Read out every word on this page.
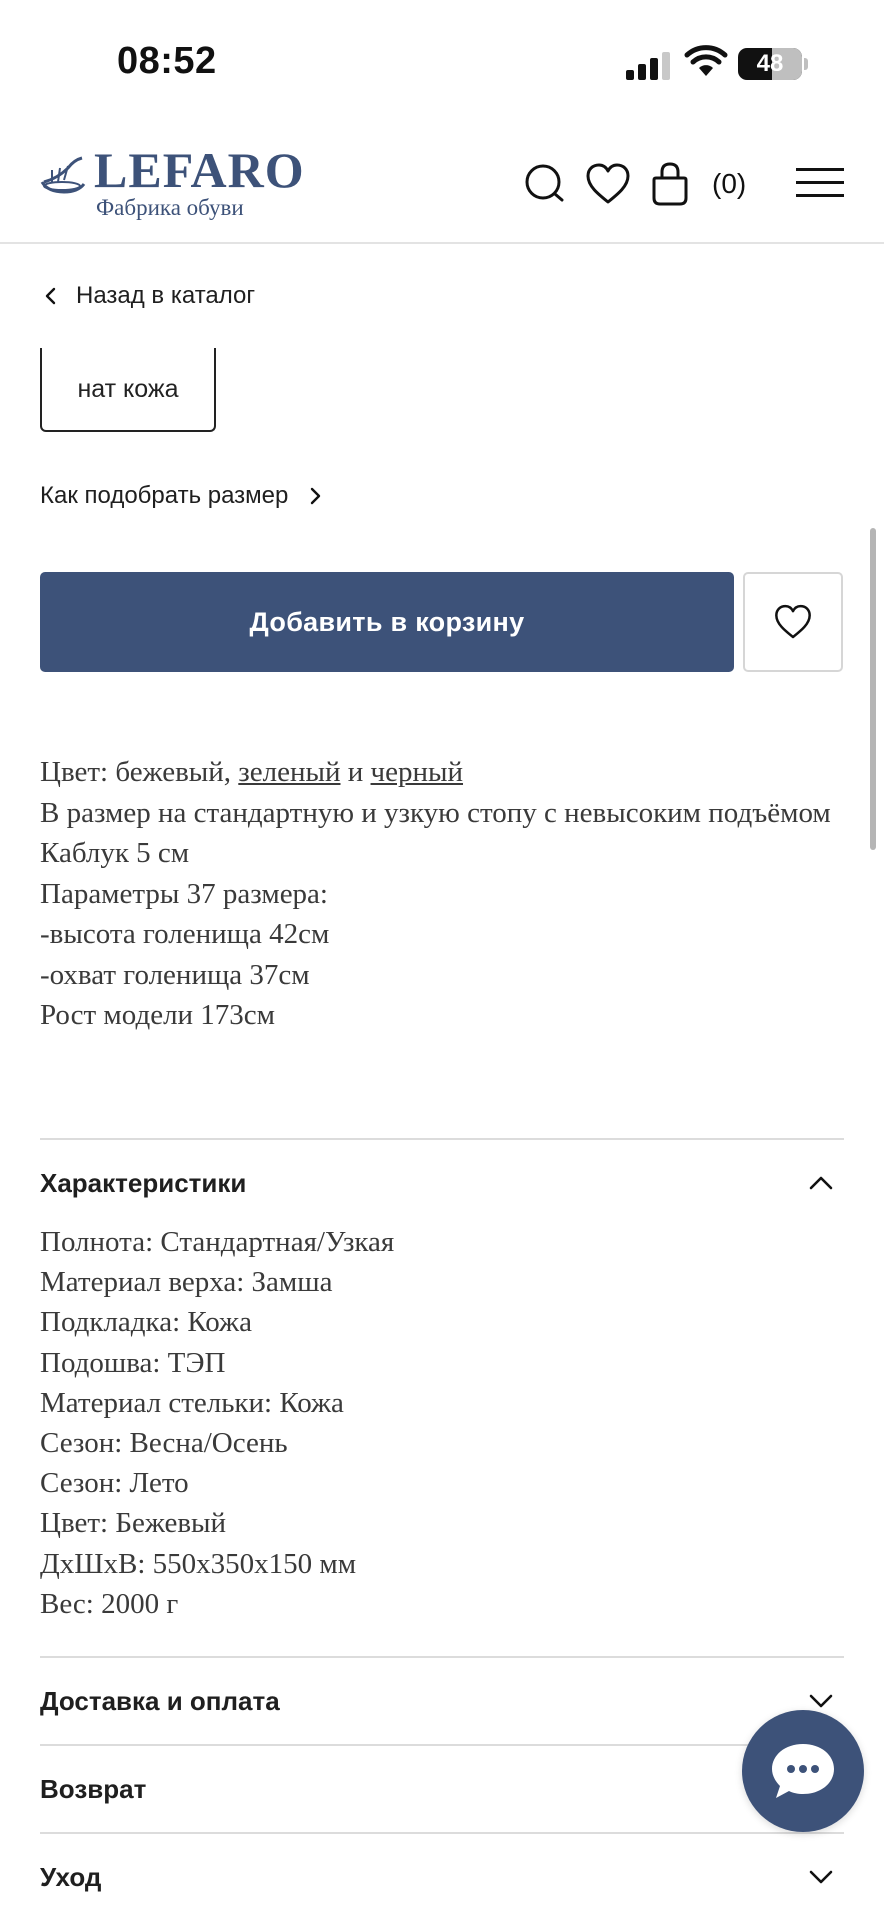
08:52	48
LEFARO
Фабрика обуви
(0)
Назад в каталог
нат кожа
Как подобрать размер
Добавить в корзину
Цвет: бежевый, зеленый и черный
В размер на стандартную и узкую стопу с невысоким подъёмом
Каблук 5 см
Параметры 37 размера:
-высота голенища 42см
-охват голенища 37см
Рост модели 173см
Характеристики
Полнота: Стандартная/Узкая
Материал верха: Замша
Подкладка: Кожа
Подошва: ТЭП
Материал стельки: Кожа
Сезон: Весна/Осень
Сезон: Лето
Цвет: Бежевый
ДхШхВ: 550x350x150 мм
Вес: 2000 г
Доставка и оплата
Возврат
Уход
